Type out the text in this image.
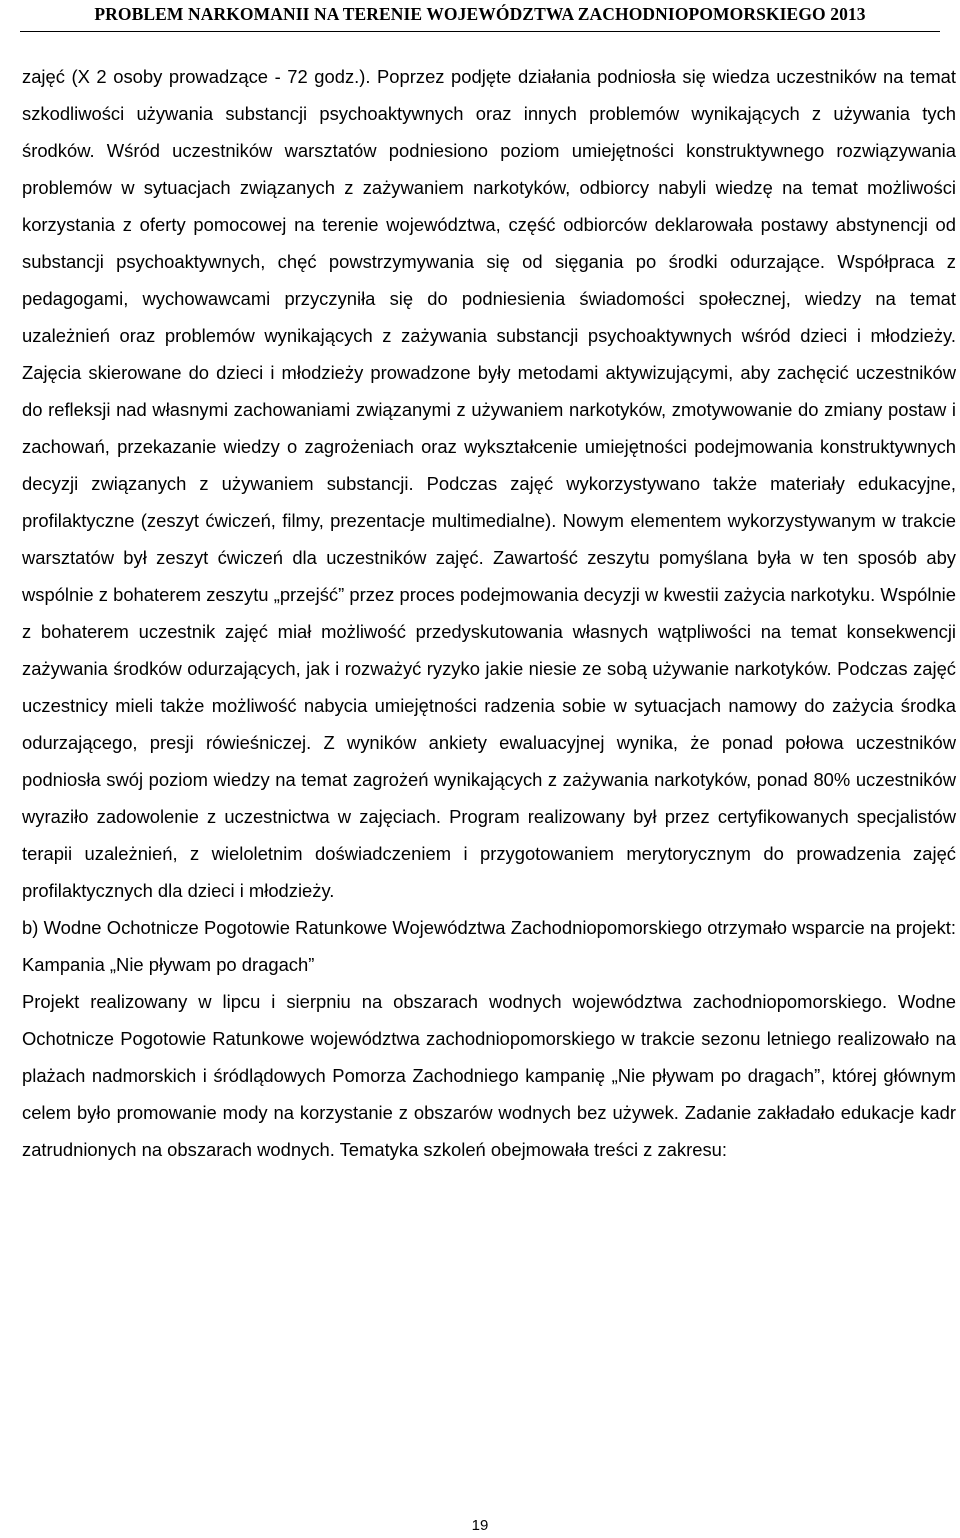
PROBLEM NARKOMANII NA TERENIE WOJEWÓDZTWA ZACHODNIOPOMORSKIEGO 2013

zajęć (X 2 osoby prowadzące - 72 godz.). Poprzez podjęte działania podniosła się wiedza uczestników na temat szkodliwości używania substancji psychoaktywnych oraz innych problemów wynikających z używania tych środków. Wśród uczestników warsztatów podniesiono poziom umiejętności konstruktywnego rozwiązywania problemów w sytuacjach związanych z zażywaniem narkotyków, odbiorcy nabyli wiedzę na temat możliwości korzystania z oferty pomocowej na terenie województwa, część odbiorców deklarowała postawy abstynencji od substancji psychoaktywnych, chęć powstrzymywania się od sięgania po środki odurzające. Współpraca z pedagogami, wychowawcami przyczyniła się do podniesienia świadomości społecznej, wiedzy na temat uzależnień oraz problemów wynikających z zażywania substancji psychoaktywnych wśród dzieci i młodzieży. Zajęcia skierowane do dzieci i młodzieży prowadzone były metodami aktywizującymi, aby zachęcić uczestników do refleksji nad własnymi zachowaniami związanymi z używaniem narkotyków, zmotywowanie do zmiany postaw i zachowań, przekazanie wiedzy o zagrożeniach oraz wykształcenie umiejętności podejmowania konstruktywnych decyzji związanych z używaniem substancji. Podczas zajęć wykorzystywano także materiały edukacyjne, profilaktyczne (zeszyt ćwiczeń, filmy, prezentacje multimedialne). Nowym elementem wykorzystywanym w trakcie warsztatów był zeszyt ćwiczeń dla uczestników zajęć. Zawartość zeszytu pomyślana była w ten sposób aby wspólnie z bohaterem zeszytu „przejść” przez proces podejmowania decyzji w kwestii zażycia narkotyku. Wspólnie z bohaterem uczestnik zajęć miał możliwość przedyskutowania własnych wątpliwości na temat konsekwencji zażywania środków odurzających, jak i rozważyć ryzyko jakie niesie ze sobą używanie narkotyków. Podczas zajęć uczestnicy mieli także możliwość nabycia umiejętności radzenia sobie w sytuacjach namowy do zażycia środka odurzającego, presji rówieśniczej. Z wyników ankiety ewaluacyjnej wynika, że ponad połowa uczestników podniosła swój poziom wiedzy na temat zagrożeń wynikających z zażywania narkotyków, ponad 80% uczestników wyraziło zadowolenie z uczestnictwa w zajęciach. Program realizowany był przez certyfikowanych specjalistów terapii uzależnień, z wieloletnim doświadczeniem i przygotowaniem merytorycznym do prowadzenia zajęć profilaktycznych dla dzieci i młodzieży.

b) Wodne Ochotnicze Pogotowie Ratunkowe Województwa Zachodniopomorskiego otrzymało wsparcie na projekt: Kampania „Nie pływam po dragach”

Projekt realizowany w lipcu i sierpniu na obszarach wodnych województwa zachodniopomorskiego. Wodne Ochotnicze Pogotowie Ratunkowe województwa zachodniopomorskiego w trakcie sezonu letniego realizowało na plażach nadmorskich i śródlądowych Pomorza Zachodniego kampanię „Nie pływam po dragach”, której głównym celem było promowanie mody na korzystanie z obszarów wodnych bez używek. Zadanie zakładało edukacje kadr zatrudnionych na obszarach wodnych. Tematyka szkoleń obejmowała treści z zakresu:

19
